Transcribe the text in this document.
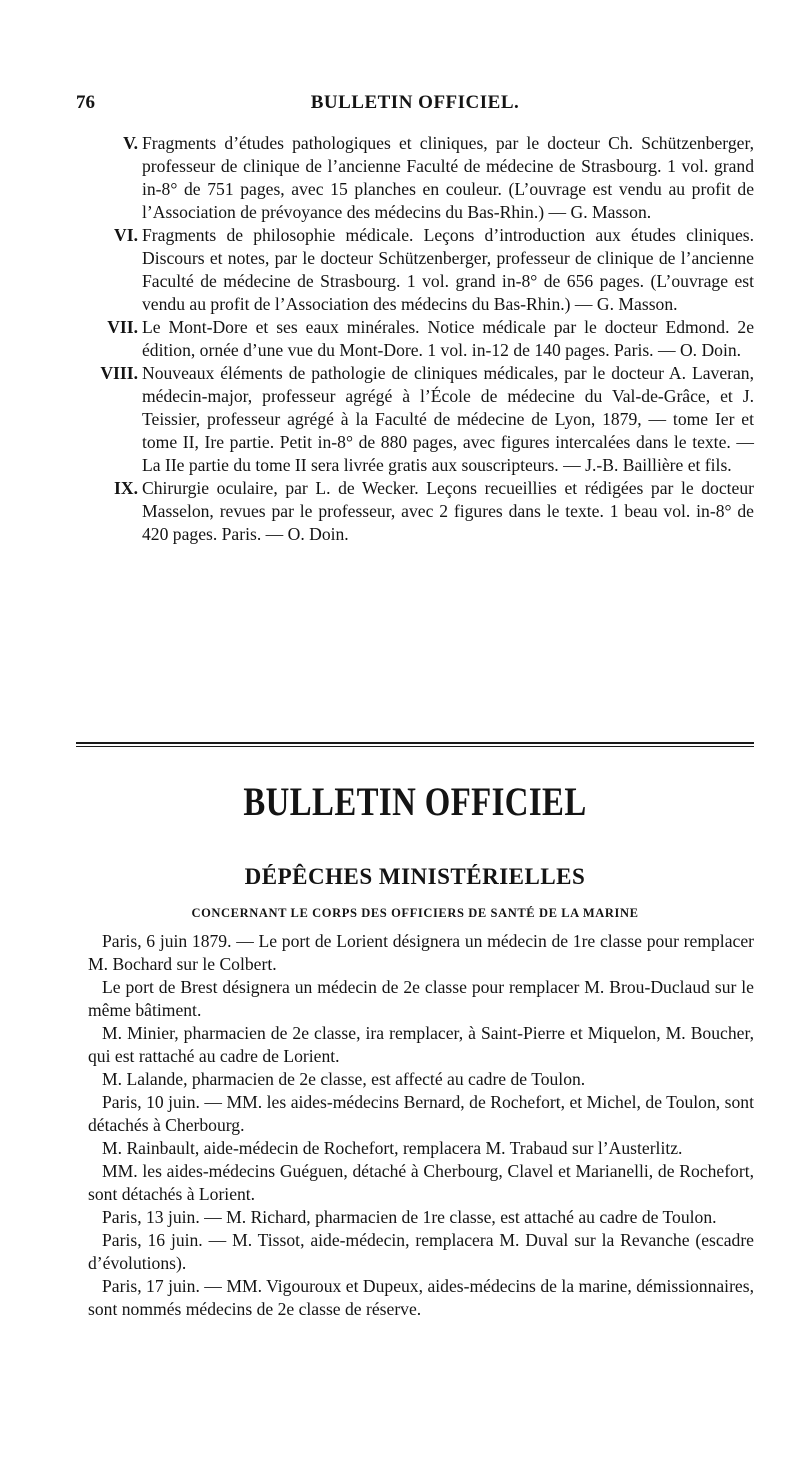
76	BULLETIN OFFICIEL.
V. Fragments d’études pathologiques et cliniques, par le docteur Ch. Schützenberger, professeur de clinique de l’ancienne Faculté de médecine de Strasbourg. 1 vol. grand in-8° de 751 pages, avec 15 planches en couleur. (L’ouvrage est vendu au profit de l’Association de prévoyance des médecins du Bas-Rhin.) — G. Masson.
VI. Fragments de philosophie médicale. Leçons d’introduction aux études cliniques. Discours et notes, par le docteur Schützenberger, professeur de clinique de l’ancienne Faculté de médecine de Strasbourg. 1 vol. grand in-8° de 656 pages. (L’ouvrage est vendu au profit de l’Association des médecins du Bas-Rhin.) — G. Masson.
VII. Le Mont-Dore et ses eaux minérales. Notice médicale par le docteur Edmond. 2e édition, ornée d’une vue du Mont-Dore. 1 vol. in-12 de 140 pages. Paris. — O. Doin.
VIII. Nouveaux éléments de pathologie de cliniques médicales, par le docteur A. Laveran, médecin-major, professeur agrégé à l’École de médecine du Val-de-Grâce, et J. Teissier, professeur agrégé à la Faculté de médecine de Lyon, 1879, — tome Ier et tome II, Ire partie. Petit in-8° de 880 pages, avec figures intercalées dans le texte. — La IIe partie du tome II sera livrée gratis aux souscripteurs. — J.-B. Baillière et fils.
IX. Chirurgie oculaire, par L. de Wecker. Leçons recueillies et rédigées par le docteur Masselon, revues par le professeur, avec 2 figures dans le texte. 1 beau vol. in-8° de 420 pages. Paris. — O. Doin.
BULLETIN OFFICIEL
DÉPÊCHES MINISTÉRIELLES
CONCERNANT LE CORPS DES OFFICIERS DE SANTÉ DE LA MARINE

Paris, 6 juin 1879. — Le port de Lorient désignera un médecin de 1re classe pour remplacer M. Bochard sur le Colbert.

Le port de Brest désignera un médecin de 2e classe pour remplacer M. Brou-Duclaud sur le même bâtiment.

M. Minier, pharmacien de 2e classe, ira remplacer, à Saint-Pierre et Miquelon, M. Boucher, qui est rattaché au cadre de Lorient.

M. Lalande, pharmacien de 2e classe, est affecté au cadre de Toulon.

Paris, 10 juin. — MM. les aides-médecins Bernard, de Rochefort, et Michel, de Toulon, sont détachés à Cherbourg.

M. Rainbault, aide-médecin de Rochefort, remplacera M. Trabaud sur l’Austerlitz.

MM. les aides-médecins Guéguen, détaché à Cherbourg, Clavel et Marianelli, de Rochefort, sont détachés à Lorient.

Paris, 13 juin. — M. Richard, pharmacien de 1re classe, est attaché au cadre de Toulon.

Paris, 16 juin. — M. Tissot, aide-médecin, remplacera M. Duval sur la Revanche (escadre d’évolutions).

Paris, 17 juin. — MM. Vigouroux et Dupeux, aides-médecins de la marine, démissionnaires, sont nommés médecins de 2e classe de réserve.
